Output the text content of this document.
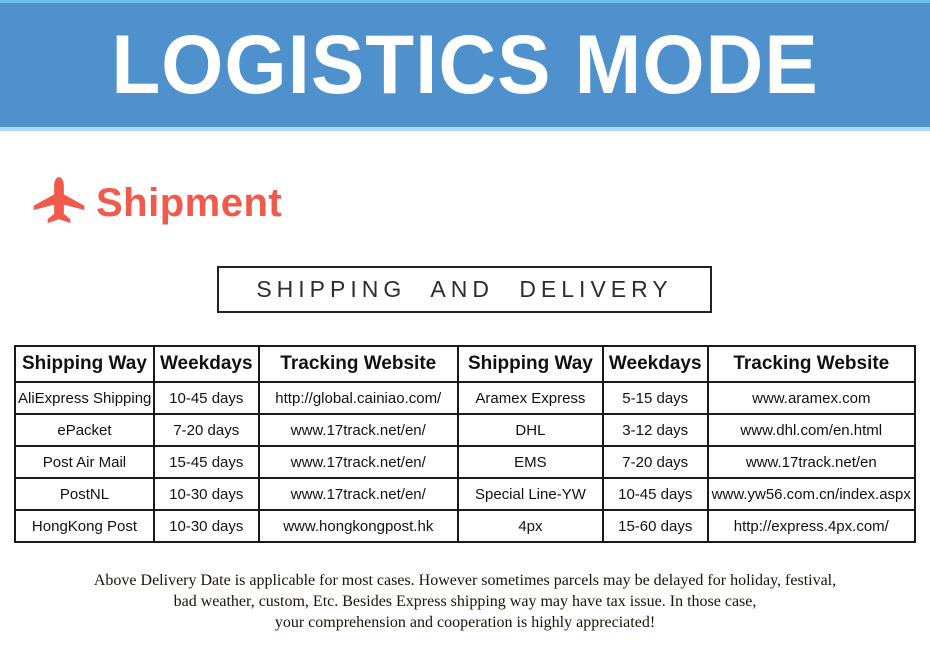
LOGISTICS MODE
Shipment
SHIPPING AND DELIVERY
Shipping Way	Weekdays	Tracking Website	Shipping Way	Weekdays	Tracking Website
AliExpress Shipping	10-45 days	http://global.cainiao.com/	Aramex Express	5-15 days	www.aramex.com
ePacket	7-20 days	www.17track.net/en/	DHL	3-12 days	www.dhl.com/en.html
Post Air Mail	15-45 days	www.17track.net/en/	EMS	7-20 days	www.17track.net/en
PostNL	10-30 days	www.17track.net/en/	Special Line-YW	10-45 days	www.yw56.com.cn/index.aspx
HongKong Post	10-30 days	www.hongkongpost.hk	4px	15-60 days	http://express.4px.com/
Above Delivery Date is applicable for most cases. However sometimes parcels may be delayed for holiday, festival,
bad weather, custom, Etc. Besides Express shipping way may have tax issue. In those case,
your comprehension and cooperation is highly appreciated!
